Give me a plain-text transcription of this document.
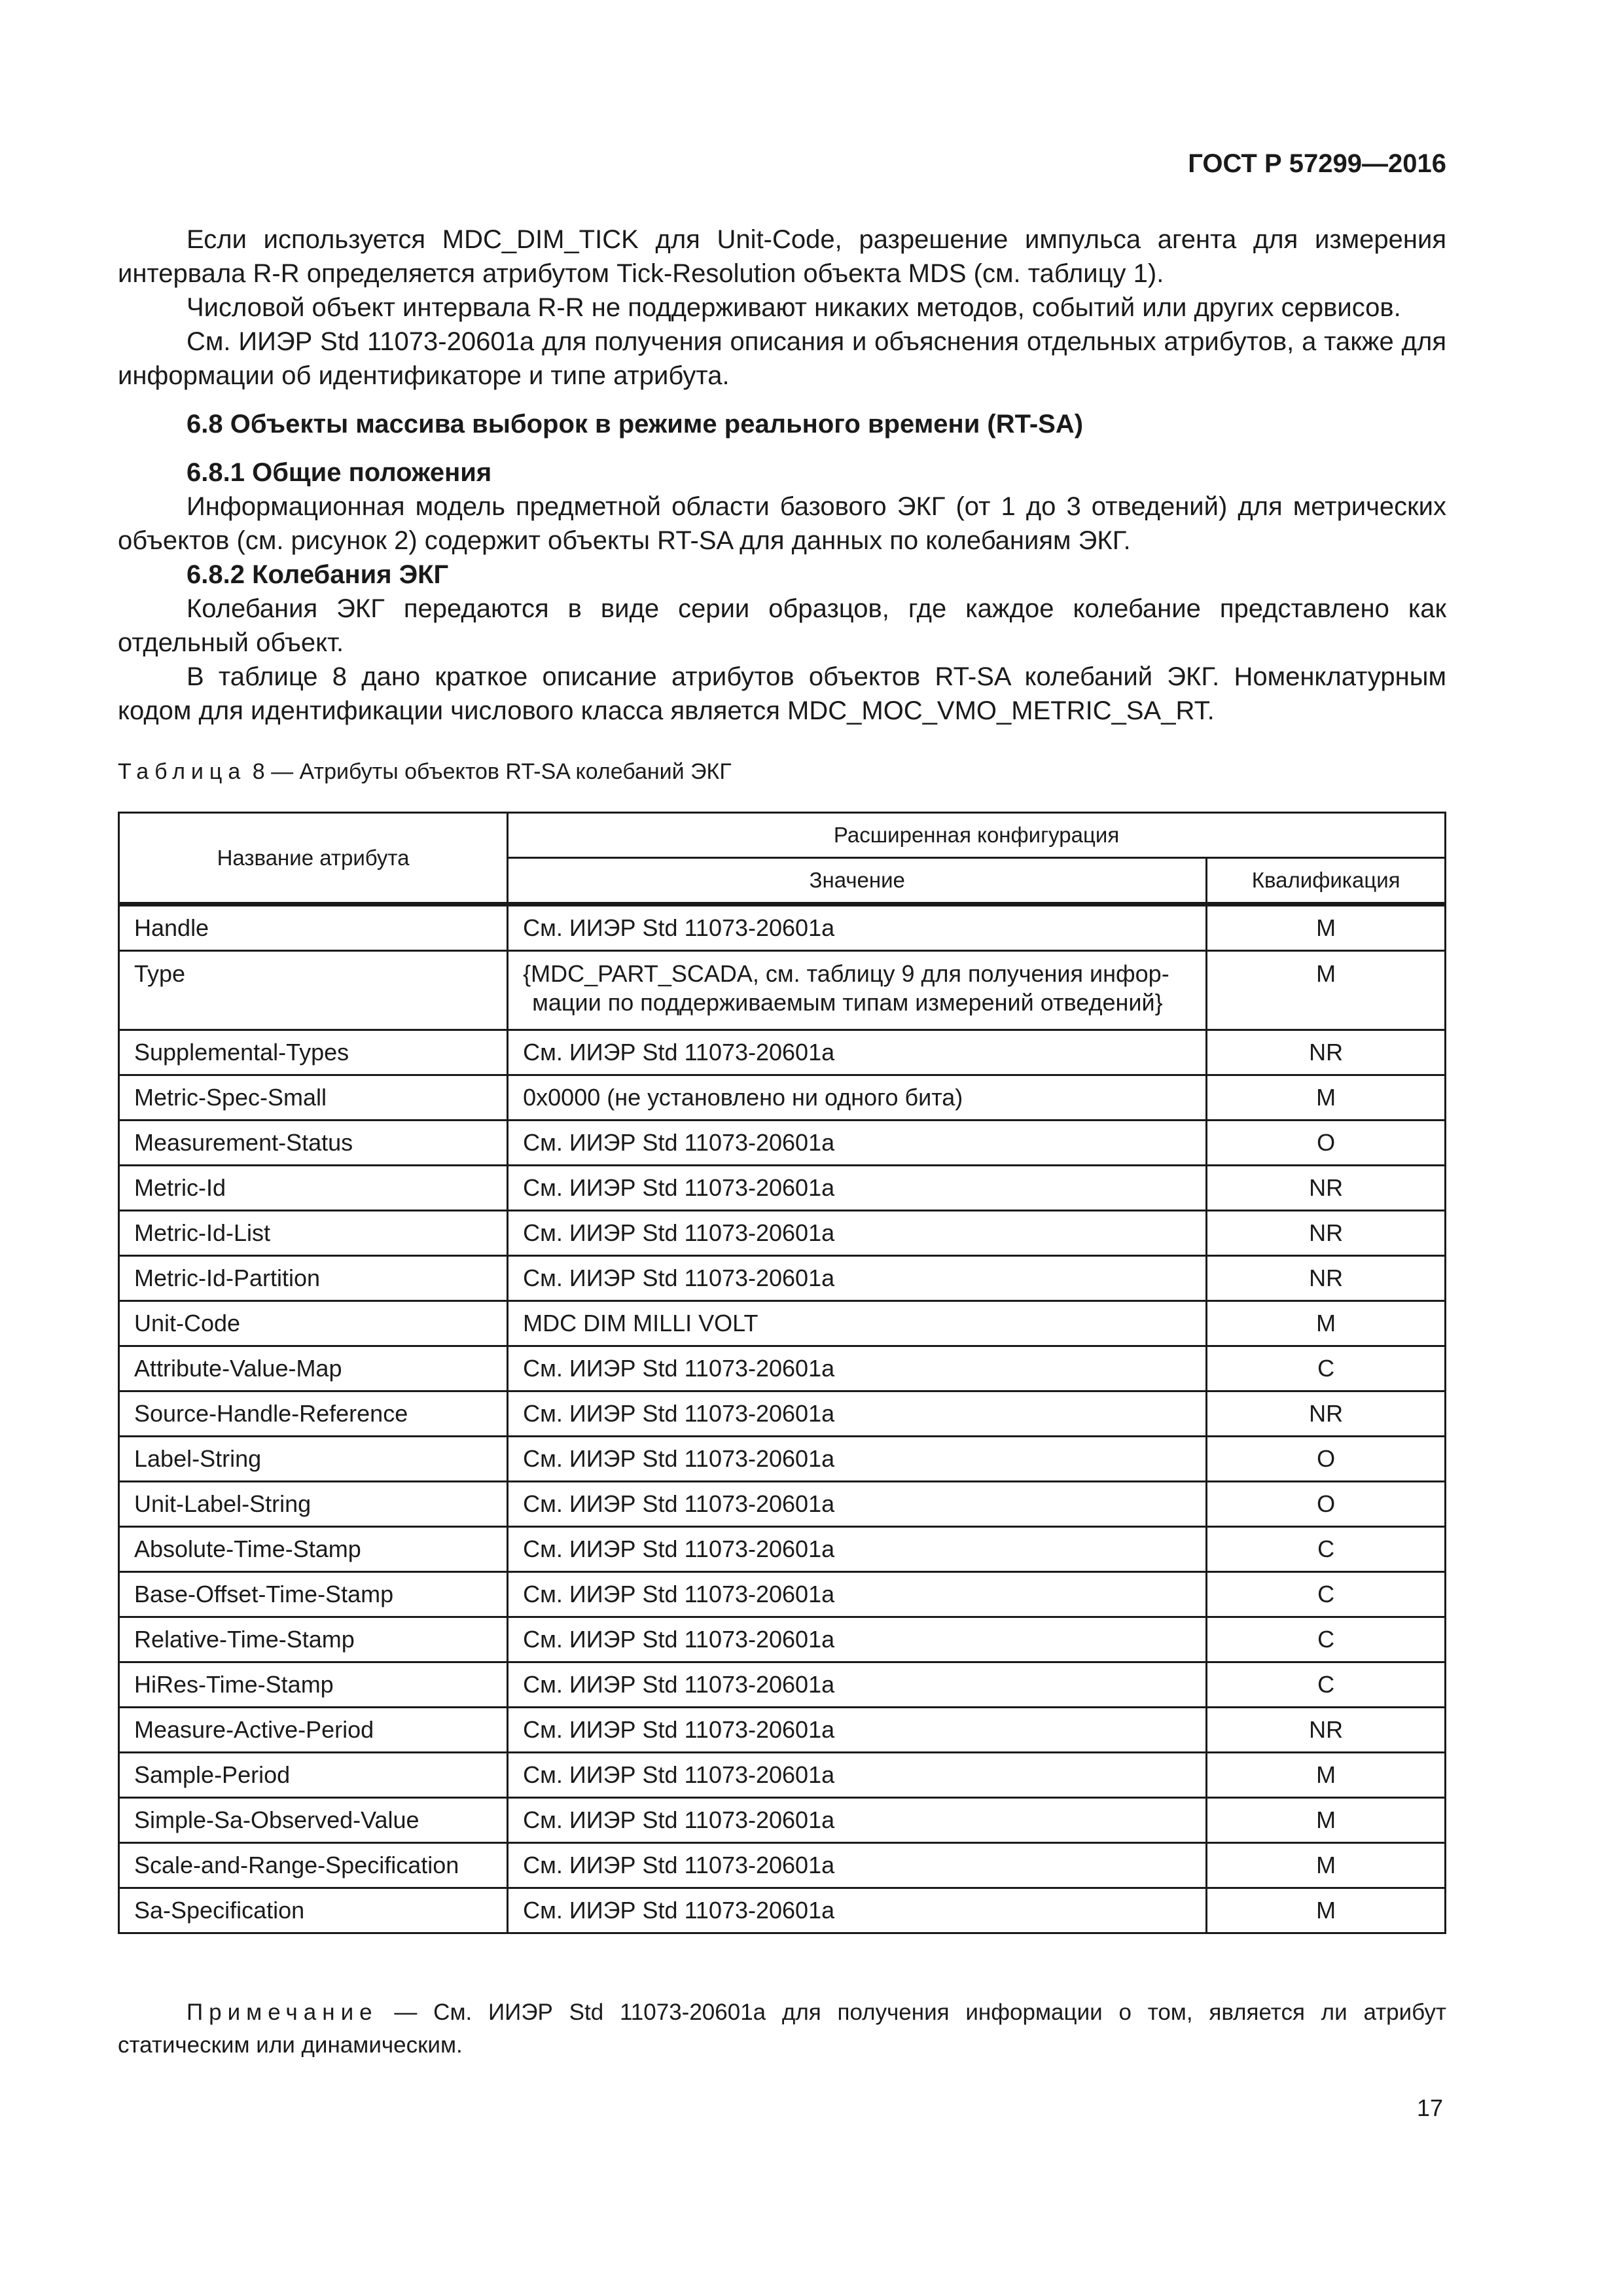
ГОСТ Р 57299—2016

Если используется MDC_DIM_TICK для Unit-Code, разрешение импульса агента для измерения интервала R-R определяется атрибутом Tick-Resolution объекта MDS (см. таблицу 1).

Числовой объект интервала R-R не поддерживают никаких методов, событий или других сервисов.

См. ИИЭР Std 11073-20601а для получения описания и объяснения отдельных атрибутов, а также для информации об идентификаторе и типе атрибута.

6.8 Объекты массива выборок в режиме реального времени (RT-SA)

6.8.1 Общие положения

Информационная модель предметной области базового ЭКГ (от 1 до 3 отведений) для метрических объектов (см. рисунок 2) содержит объекты RT-SA для данных по колебаниям ЭКГ.

6.8.2 Колебания ЭКГ

Колебания ЭКГ передаются в виде серии образцов, где каждое колебание представлено как отдельный объект.

В таблице 8 дано краткое описание атрибутов объектов RT-SA колебаний ЭКГ. Номенклатурным кодом для идентификации числового класса является MDC_MOC_VMO_METRIC_SA_RT.

Таблица 8 — Атрибуты объектов RT-SA колебаний ЭКГ
Название атрибута	Расширенная конфигурация	
	Значение	Квалификация
Handle	См. ИИЭР Std 11073-20601а	M
Type	{MDC_PART_SCADA, см. таблицу 9 для получения инфор-
мации по поддерживаемым типам измерений отведений}	M
Supplemental-Types	См. ИИЭР Std 11073-20601а	NR
Metric-Spec-Small	0x0000 (не установлено ни одного бита)	M
Measurement-Status	См. ИИЭР Std 11073-20601а	O
Metric-Id	См. ИИЭР Std 11073-20601а	NR
Metric-Id-List	См. ИИЭР Std 11073-20601а	NR
Metric-Id-Partition	См. ИИЭР Std 11073-20601а	NR
Unit-Code	MDC DIM MILLI VOLT	M
Attribute-Value-Map	См. ИИЭР Std 11073-20601а	C
Source-Handle-Reference	См. ИИЭР Std 11073-20601а	NR
Label-String	См. ИИЭР Std 11073-20601а	O
Unit-Label-String	См. ИИЭР Std 11073-20601а	O
Absolute-Time-Stamp	См. ИИЭР Std 11073-20601а	C
Base-Offset-Time-Stamp	См. ИИЭР Std 11073-20601а	C
Relative-Time-Stamp	См. ИИЭР Std 11073-20601а	C
HiRes-Time-Stamp	См. ИИЭР Std 11073-20601а	C
Measure-Active-Period	См. ИИЭР Std 11073-20601а	NR
Sample-Period	См. ИИЭР Std 11073-20601а	M
Simple-Sa-Observed-Value	См. ИИЭР Std 11073-20601а	M
Scale-and-Range-Specification	См. ИИЭР Std 11073-20601а	M
Sa-Specification	См. ИИЭР Std 11073-20601а	M

Примечание — См. ИИЭР Std 11073-20601а для получения информации о том, является ли атрибут статическим или динамическим.

17
